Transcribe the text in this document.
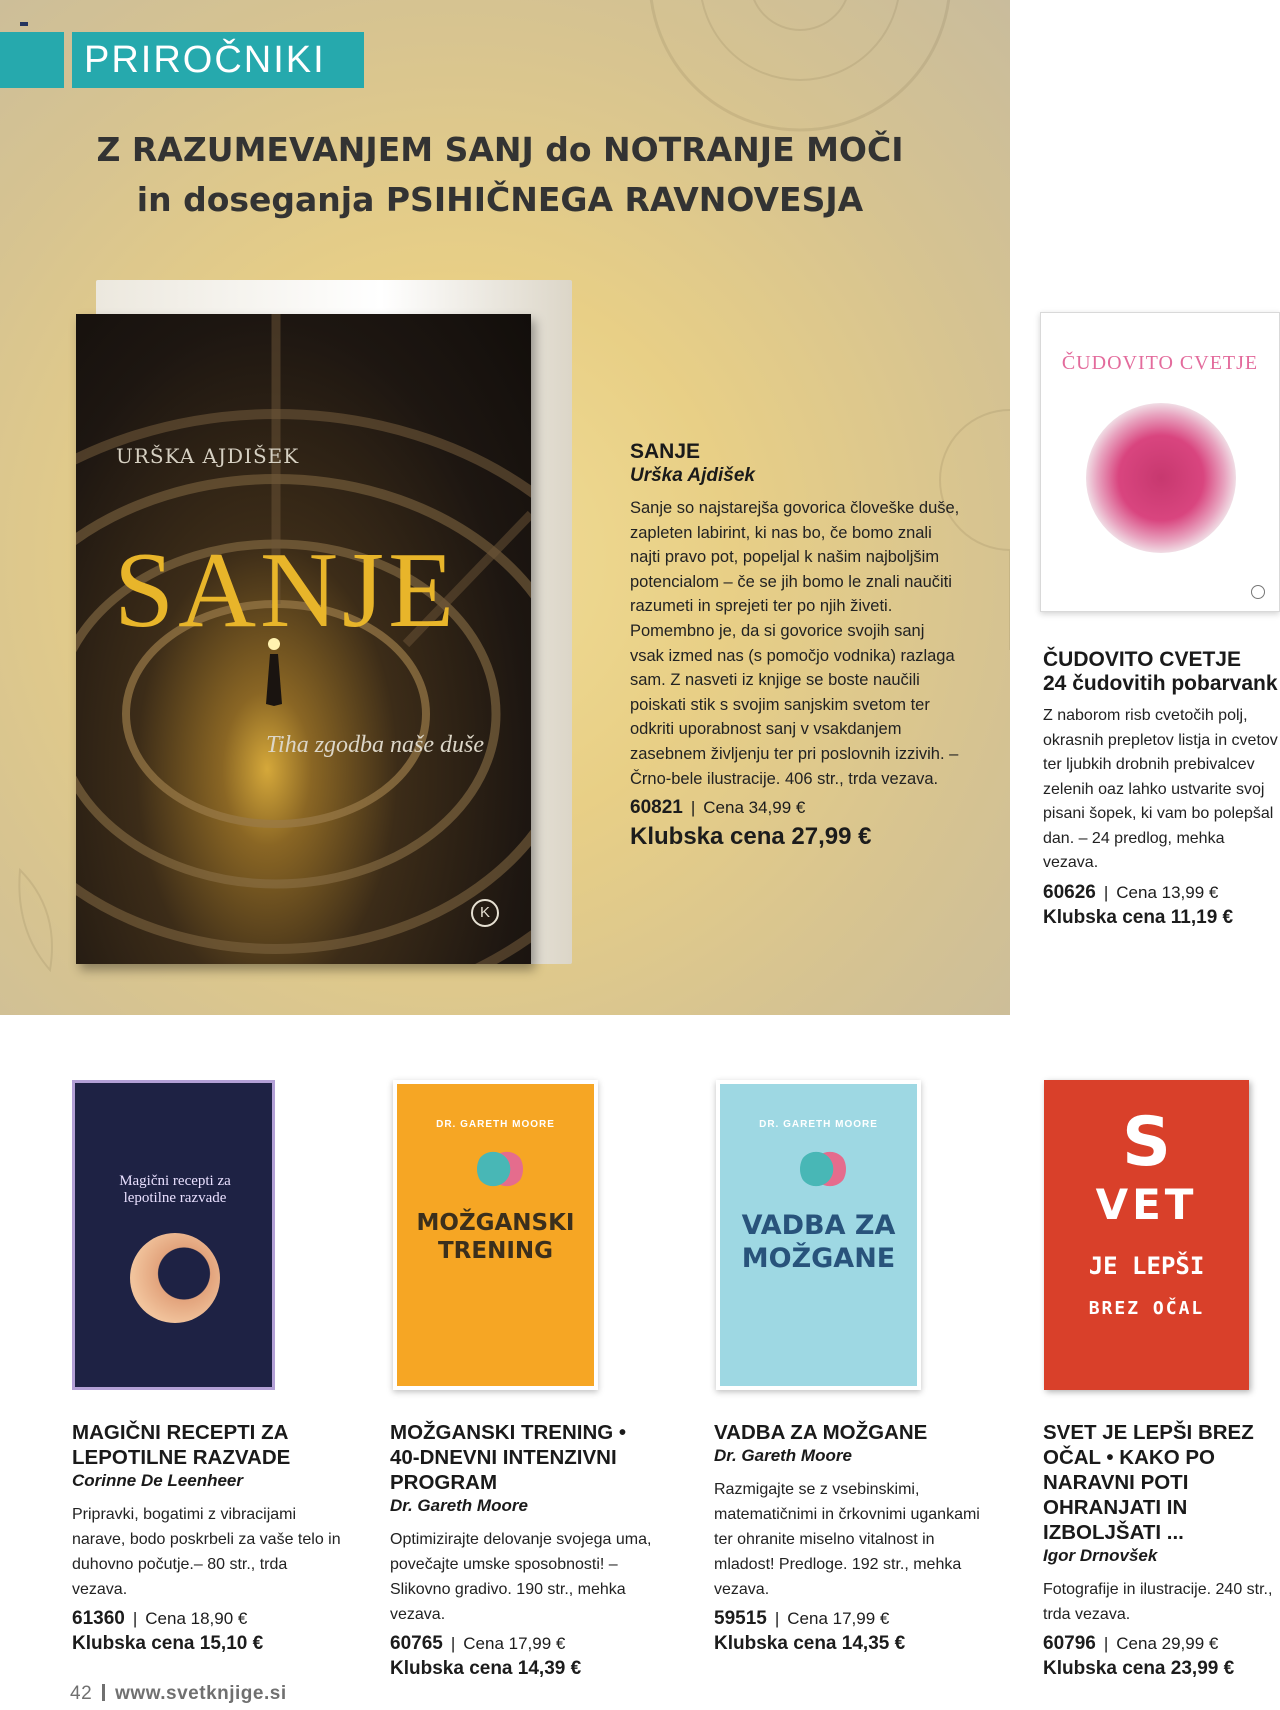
PRIROČNIKI
Z RAZUMEVANJEM SANJ do NOTRANJE MOČI
in doseganja PSIHIČNEGA RAVNOVESJA
URŠKA AJDIŠEK
SANJE
Tiha zgodba naše duše
K
SANJE
Urška Ajdišek
Sanje so najstarejša govorica človeške duše, zapleten labirint, ki nas bo, če bomo znali najti pravo pot, popeljal k našim najboljšim potencialom – če se jih bomo le znali naučiti razumeti in sprejeti ter po njih živeti. Pomembno je, da si govorice svojih sanj vsak izmed nas (s pomočjo vodnika) razlaga sam. Z nasveti iz knjige se boste naučili poiskati stik s svojim sanjskim svetom ter odkriti uporabnost sanj v vsakdanjem zasebnem življenju ter pri poslovnih izzivih. – Črno-bele ilustracije. 406 str., trda vezava.
60821 | Cena 34,99 €
Klubska cena 27,99 €
ČUDOVITO CVETJE
ČUDOVITO CVETJE
24 čudovitih pobarvank
Z naborom risb cvetočih polj, okrasnih prepletov listja in cvetov ter ljubkih drobnih prebivalcev zelenih oaz lahko ustvarite svoj pisani šopek, ki vam bo polepšal dan. – 24 predlog, mehka vezava.
60626 | Cena 13,99 €
Klubska cena 11,19 €
Magični recepti za lepotilne razvade
DR. GARETH MOORE
MOŽGANSKI TRENING
DR. GARETH MOORE
VADBA ZA MOŽGANE
S
VET
JE LEPŠI
BREZ OČAL
MAGIČNI RECEPTI ZA LEPOTILNE RAZVADE
Corinne De Leenheer
Pripravki, bogatimi z vibracijami narave, bodo poskrbeli za vaše telo in duhovno počutje.– 80 str., trda vezava.
61360 | Cena 18,90 €
Klubska cena 15,10 €
MOŽGANSKI TRENING • 40-DNEVNI INTENZIVNI PROGRAM
Dr. Gareth Moore
Optimizirajte delovanje svojega uma, povečajte umske sposobnosti! – Slikovno gradivo. 190 str., mehka vezava.
60765 | Cena 17,99 €
Klubska cena 14,39 €
VADBA ZA MOŽGANE
Dr. Gareth Moore
Razmigajte se z vsebinskimi, matematičnimi in črkovnimi ugankami ter ohranite miselno vitalnost in mladost! Predloge. 192 str., mehka vezava.
59515 | Cena 17,99 €
Klubska cena 14,35 €
SVET JE LEPŠI BREZ OČAL • KAKO PO NARAVNI POTI OHRANJATI IN IZBOLJŠATI ...
Igor Drnovšek
Fotografije in ilustracije. 240 str., trda vezava.
60796 | Cena 29,99 €
Klubska cena 23,99 €
42 www.svetknjige.si
